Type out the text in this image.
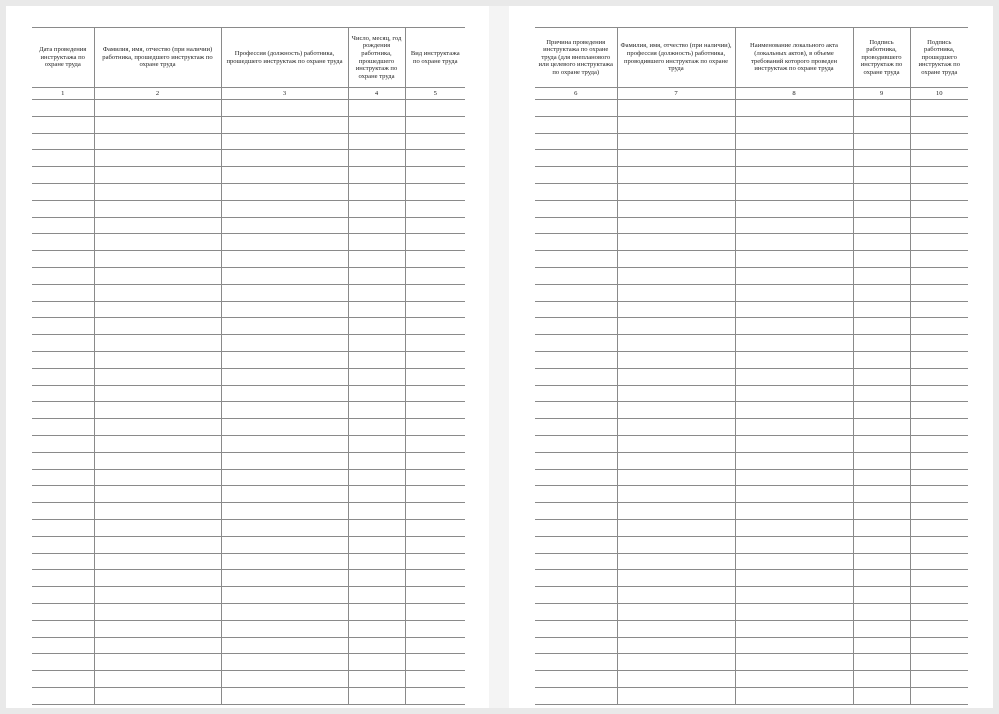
Дата проведения инструктажа по охране труда	Фамилия, имя, отчество (при наличии) работника, прошедшего инструктаж по охране труда	Профессия (должность) работника, прошедшего инструктаж по охране труда	Число, месяц, год рождения работника, прошедшего инструктаж по охране труда	Вид инструктажа по охране труда
1	2	3	4	5

Причина проведения инструктажа по охране труда (для внепланового или целевого инструктажа по охране труда)	Фамилия, имя, отчество (при наличии), профессия (должность) работника, проводившего инструктаж по охране труда	Наименование локального акта (локальных актов), в объеме требований которого проведен инструктаж по охране труда	Подпись работника, проводившего инструктаж по охране труда	Подпись работника, прошедшего инструктаж по охране труда
6	7	8	9	10
